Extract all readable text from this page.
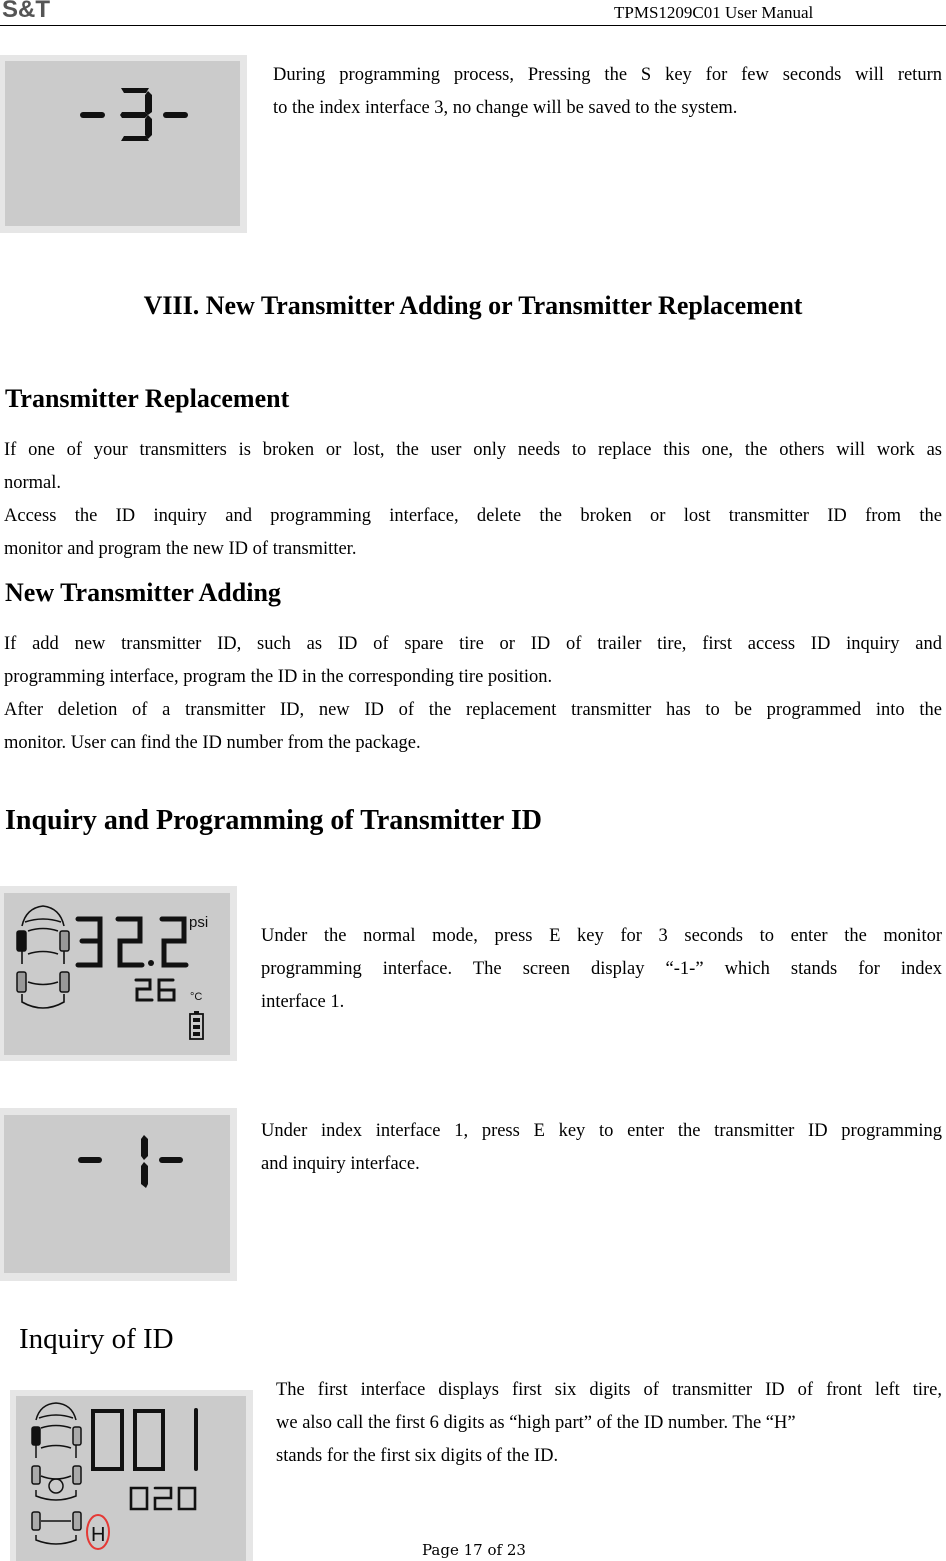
S&T	TPMS1209C01 User Manual
During programming process, Pressing the S key for few seconds will return
to the index interface 3, no change will be saved to the system.
VIII. New Transmitter Adding or Transmitter Replacement
Transmitter Replacement
If one of your transmitters is broken or lost, the user only needs to replace this one, the others will work as
normal.
Access the ID inquiry and programming interface, delete the broken or lost transmitter ID from the
monitor and program the new ID of transmitter.
New Transmitter Adding
If add new transmitter ID, such as ID of spare tire or ID of trailer tire, first access ID inquiry and
programming interface, program the ID in the corresponding tire position.
After deletion of a transmitter ID, new ID of the replacement transmitter has to be programmed into the
monitor. User can find the ID number from the package.
Inquiry and Programming of Transmitter ID
psi
°C
Under the normal mode, press E key for 3 seconds to enter the monitor
programming interface. The screen display “-1-” which stands for index
interface 1.
Under index interface 1, press E key to enter the transmitter ID programming
and inquiry interface.
Inquiry of ID
H
The first interface displays first six digits of transmitter ID of front left tire,
we also call the first 6 digits as “high part” of the ID number. The “H”
stands for the first six digits of the ID.
Page 17 of 23
